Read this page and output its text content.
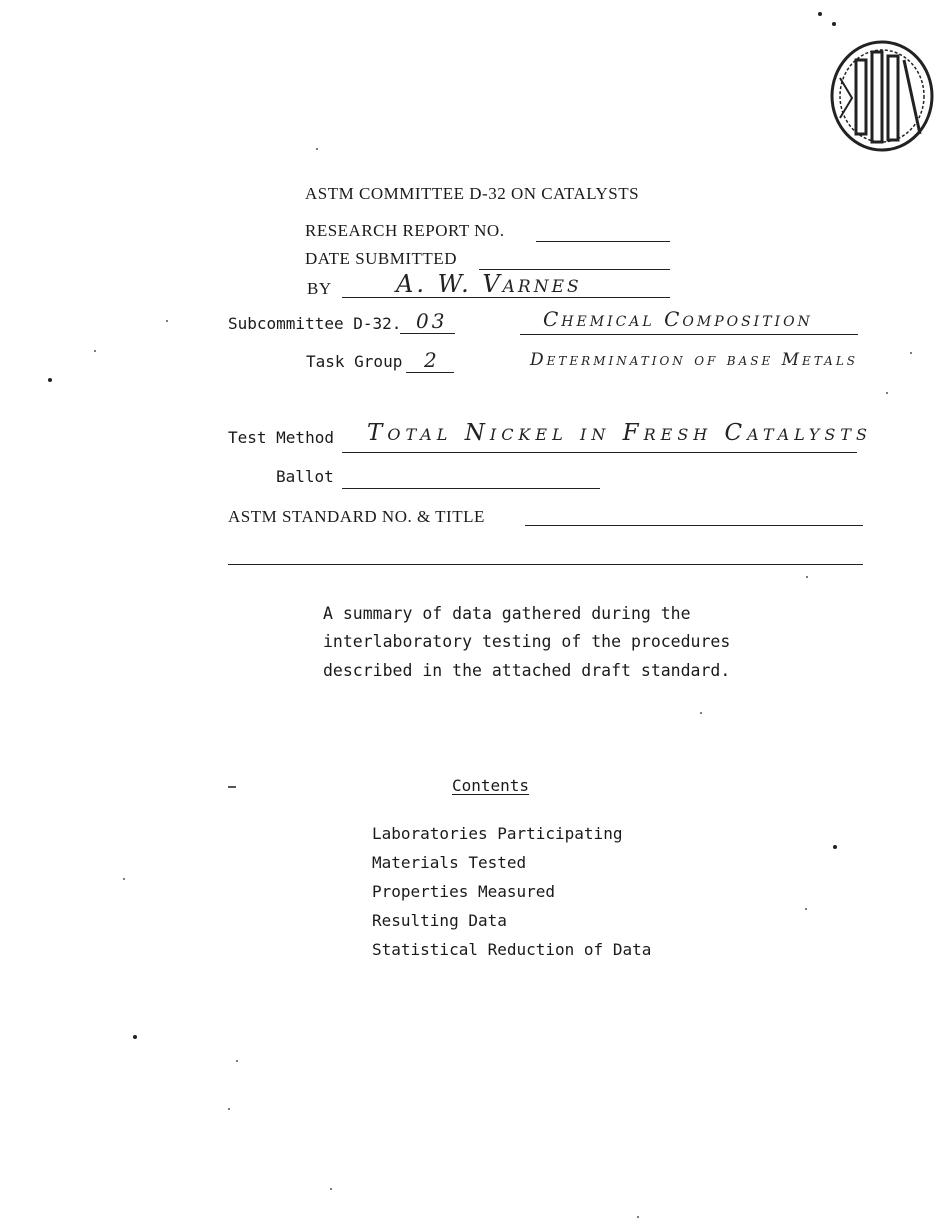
ASTM COMMITTEE D-32 ON CATALYSTS
RESEARCH REPORT NO.
DATE SUBMITTED
BY	A. W. Varnes
Subcommittee D-32. 03	Chemical Composition
Task Group 2	Determination of base Metals
Test Method Total Nickel in Fresh Catalysts
Ballot
ASTM STANDARD NO. & TITLE
A summary of data gathered during the
interlaboratory testing of the procedures
described in the attached draft standard.
Contents
Laboratories Participating
Materials Tested
Properties Measured
Resulting Data
Statistical Reduction of Data
